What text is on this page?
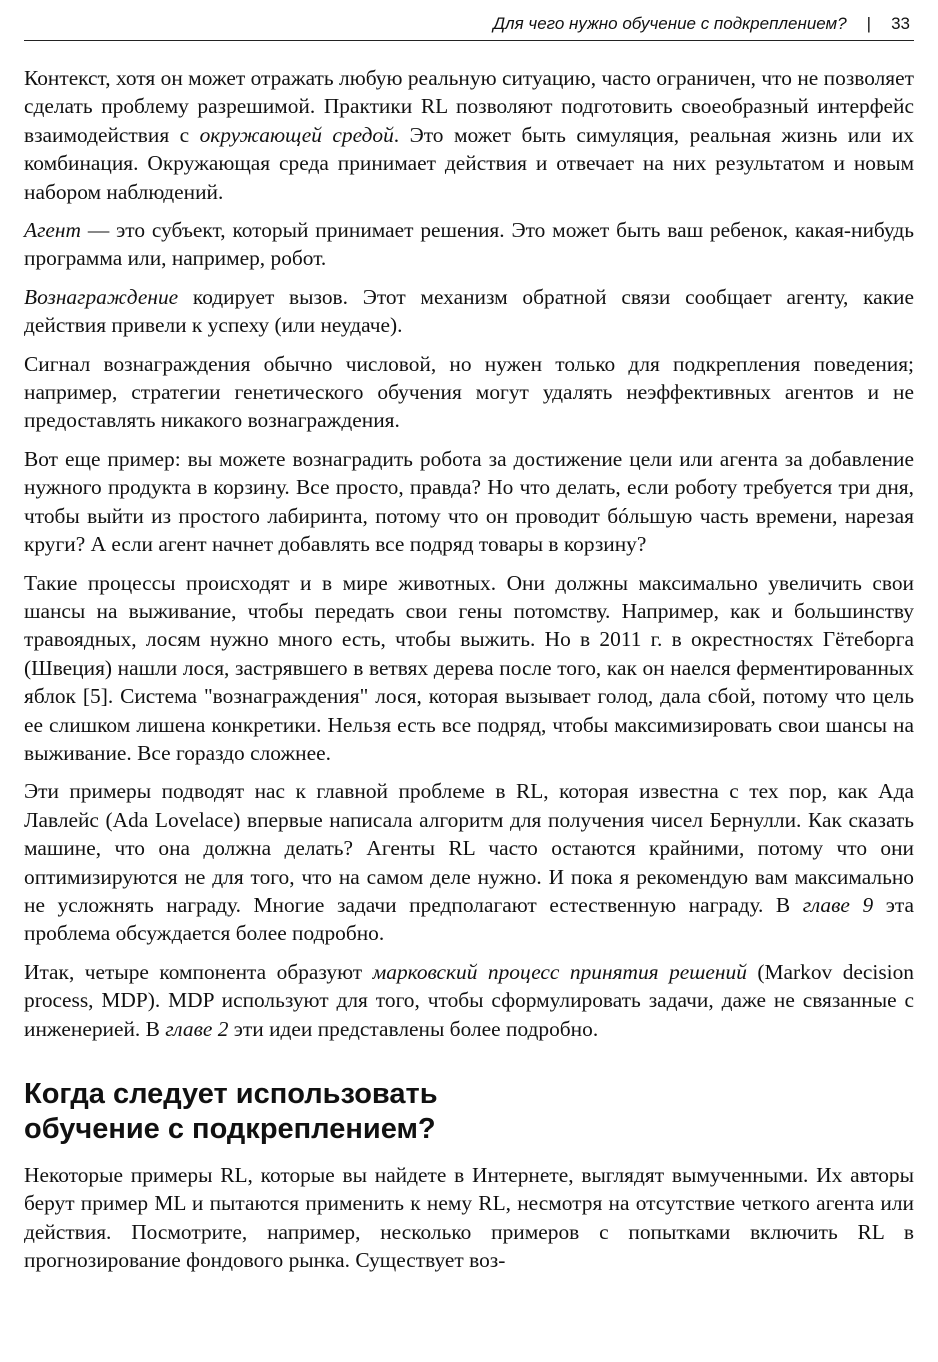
Для чего нужно обучение с подкреплением? | 33

Контекст, хотя он может отражать любую реальную ситуацию, часто ограничен, что не позволяет сделать проблему разрешимой. Практики RL позволяют подготовить своеобразный интерфейс взаимодействия с окружающей средой. Это может быть симуляция, реальная жизнь или их комбинация. Окружающая среда принимает действия и отвечает на них результатом и новым набором наблюдений.

Агент — это субъект, который принимает решения. Это может быть ваш ребенок, какая-нибудь программа или, например, робот.

Вознаграждение кодирует вызов. Этот механизм обратной связи сообщает агенту, какие действия привели к успеху (или неудаче).

Сигнал вознаграждения обычно числовой, но нужен только для подкрепления поведения; например, стратегии генетического обучения могут удалять неэффективных агентов и не предоставлять никакого вознаграждения.

Вот еще пример: вы можете вознаградить робота за достижение цели или агента за добавление нужного продукта в корзину. Все просто, правда? Но что делать, если роботу требуется три дня, чтобы выйти из простого лабиринта, потому что он проводит бóльшую часть времени, нарезая круги? А если агент начнет добавлять все подряд товары в корзину?

Такие процессы происходят и в мире животных. Они должны максимально увеличить свои шансы на выживание, чтобы передать свои гены потомству. Например, как и большинству травоядных, лосям нужно много есть, чтобы выжить. Но в 2011 г. в окрестностях Гётеборга (Швеция) нашли лося, застрявшего в ветвях дерева после того, как он наелся ферментированных яблок [5]. Система "вознаграждения" лося, которая вызывает голод, дала сбой, потому что цель ее слишком лишена конкретики. Нельзя есть все подряд, чтобы максимизировать свои шансы на выживание. Все гораздо сложнее.

Эти примеры подводят нас к главной проблеме в RL, которая известна с тех пор, как Ада Лавлейс (Ada Lovelace) впервые написала алгоритм для получения чисел Бернулли. Как сказать машине, что она должна делать? Агенты RL часто остаются крайними, потому что они оптимизируются не для того, что на самом деле нужно. И пока я рекомендую вам максимально не усложнять награду. Многие задачи предполагают естественную награду. В главе 9 эта проблема обсуждается более подробно.

Итак, четыре компонента образуют марковский процесс принятия решений (Markov decision process, MDP). MDP используют для того, чтобы сформулировать задачи, даже не связанные с инженерией. В главе 2 эти идеи представлены более подробно.

Когда следует использовать
обучение с подкреплением?

Некоторые примеры RL, которые вы найдете в Интернете, выглядят вымученными. Их авторы берут пример ML и пытаются применить к нему RL, несмотря на отсутствие четкого агента или действия. Посмотрите, например, несколько примеров с попытками включить RL в прогнозирование фондового рынка. Существует воз-
